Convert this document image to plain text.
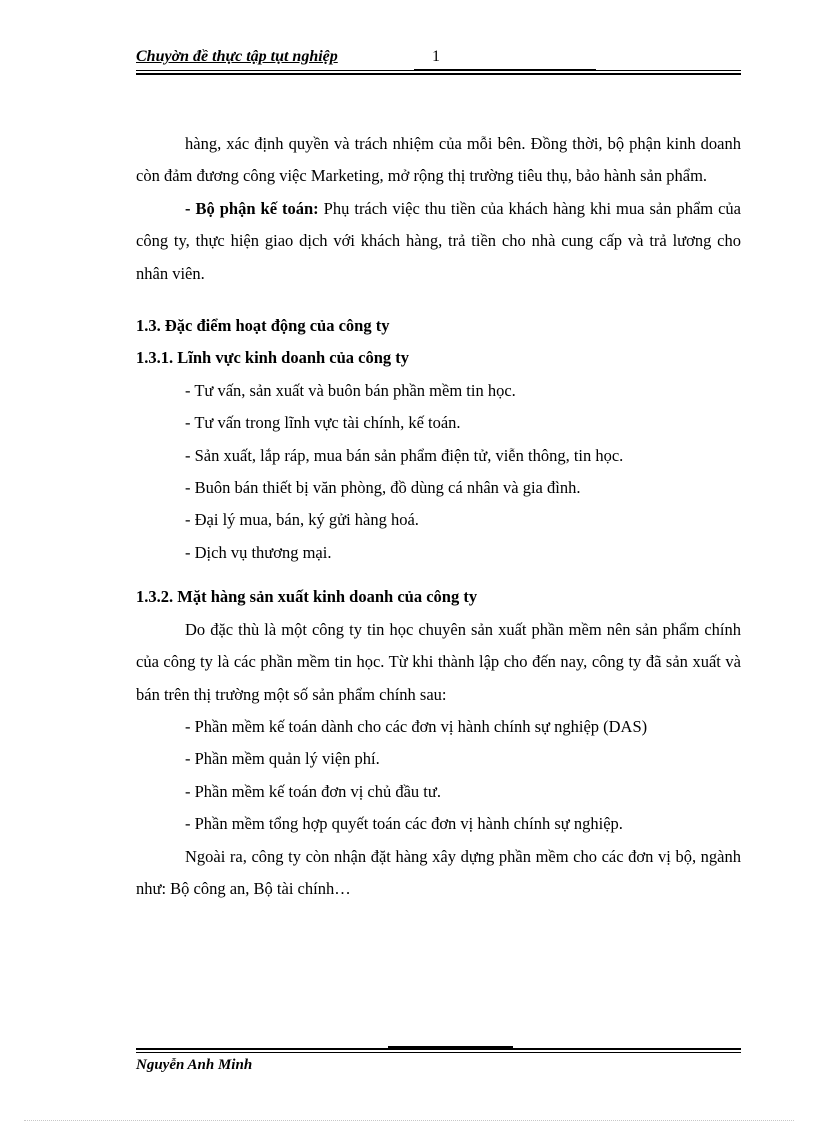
Chuyờn đề thực tập tụt nghiệp	1

hàng, xác định quyền và trách nhiệm của mỗi bên. Đồng thời, bộ phận kinh doanh còn đảm đương công việc Marketing, mở rộng thị trường tiêu thụ, bảo hành sản phẩm.

- Bộ phận kế toán: Phụ trách việc thu tiền của khách hàng khi mua sản phẩm của công ty, thực hiện giao dịch với khách hàng, trả tiền cho nhà cung cấp và trả lương cho nhân viên.

1.3. Đặc điểm hoạt động của công ty

1.3.1. Lĩnh vực kinh doanh của công ty

- Tư vấn, sản xuất và buôn bán phần mềm tin học.

- Tư vấn trong lĩnh vực tài chính, kế toán.

- Sản xuất, lắp ráp, mua bán sản phẩm điện tử, viễn thông, tin học.

- Buôn bán thiết bị văn phòng, đồ dùng cá nhân và gia đình.

- Đại lý mua, bán, ký gửi hàng hoá.

- Dịch vụ thương mại.

1.3.2. Mặt hàng sản xuất kinh doanh của công ty

Do đặc thù là một công ty tin học chuyên sản xuất phần mềm nên sản phẩm chính của công ty là các phần mềm tin học. Từ khi thành lập cho đến nay, công ty đã sản xuất và bán trên thị trường một số sản phẩm chính sau:

- Phần mềm kế toán dành cho các đơn vị hành chính sự nghiệp (DAS)

- Phần mềm quản lý viện phí.

- Phần mềm kế toán đơn vị chủ đầu tư.

- Phần mềm tổng hợp quyết toán các đơn vị hành chính sự nghiệp.

Ngoài ra, công ty còn nhận đặt hàng xây dựng phần mềm cho các đơn vị bộ, ngành như: Bộ công an, Bộ tài chính…

Nguyễn Anh Minh
